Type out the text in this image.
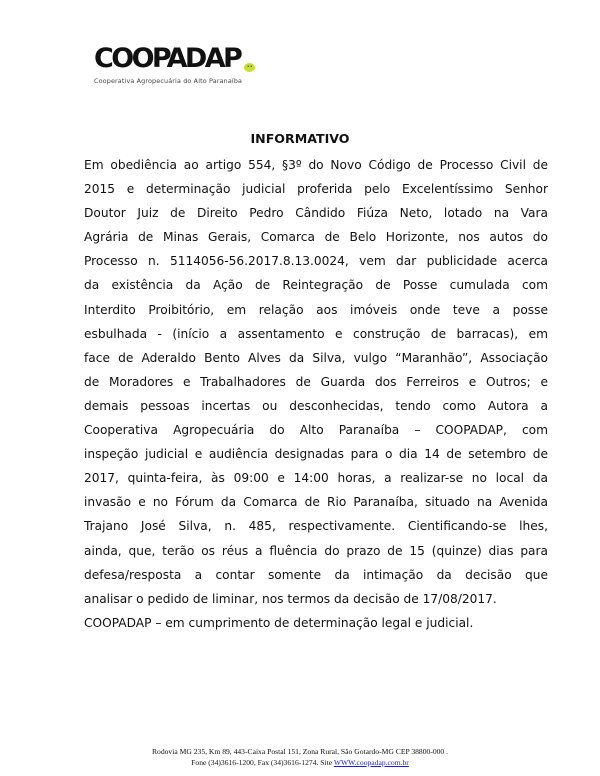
COOPADAP ••
Cooperativa Agropecuária do Alto Paranaíba
INFORMATIVO
Em obediência ao artigo 554, §3º do Novo Código de Processo Civil de
2015 e determinação judicial proferida pelo Excelentíssimo Senhor
Doutor Juiz de Direito Pedro Cândido Fiúza Neto, lotado na Vara
Agrária de Minas Gerais, Comarca de Belo Horizonte, nos autos do
Processo n. 5114056-56.2017.8.13.0024, vem dar publicidade acerca
da existência da Ação de Reintegração de Posse cumulada com
Interdito Proibitório, em relação aos imóveis onde teve a posse
esbulhada - (início a assentamento e construção de barracas), em
face de Aderaldo Bento Alves da Silva, vulgo “Maranhão”, Associação
de Moradores e Trabalhadores de Guarda dos Ferreiros e Outros; e
demais pessoas incertas ou desconhecidas, tendo como Autora a
Cooperativa Agropecuária do Alto Paranaíba – COOPADAP, com
inspeção judicial e audiência designadas para o dia 14 de setembro de
2017, quinta-feira, às 09:00 e 14:00 horas, a realizar-se no local da
invasão e no Fórum da Comarca de Rio Paranaíba, situado na Avenida
Trajano José Silva, n. 485, respectivamente. Cientificando-se lhes,
ainda, que, terão os réus a fluência do prazo de 15 (quinze) dias para
defesa/resposta a contar somente da intimação da decisão que
analisar o pedido de liminar, nos termos da decisão de 17/08/2017.
COOPADAP – em cumprimento de determinação legal e judicial.
Rodovia MG 235, Km 89, 443-Caixa Postal 151, Zona Rural, São Gotardo-MG CEP 38800-000 .
Fone (34)3616-1200, Fax (34)3616-1274. Site WWW.coopadap.com.br
